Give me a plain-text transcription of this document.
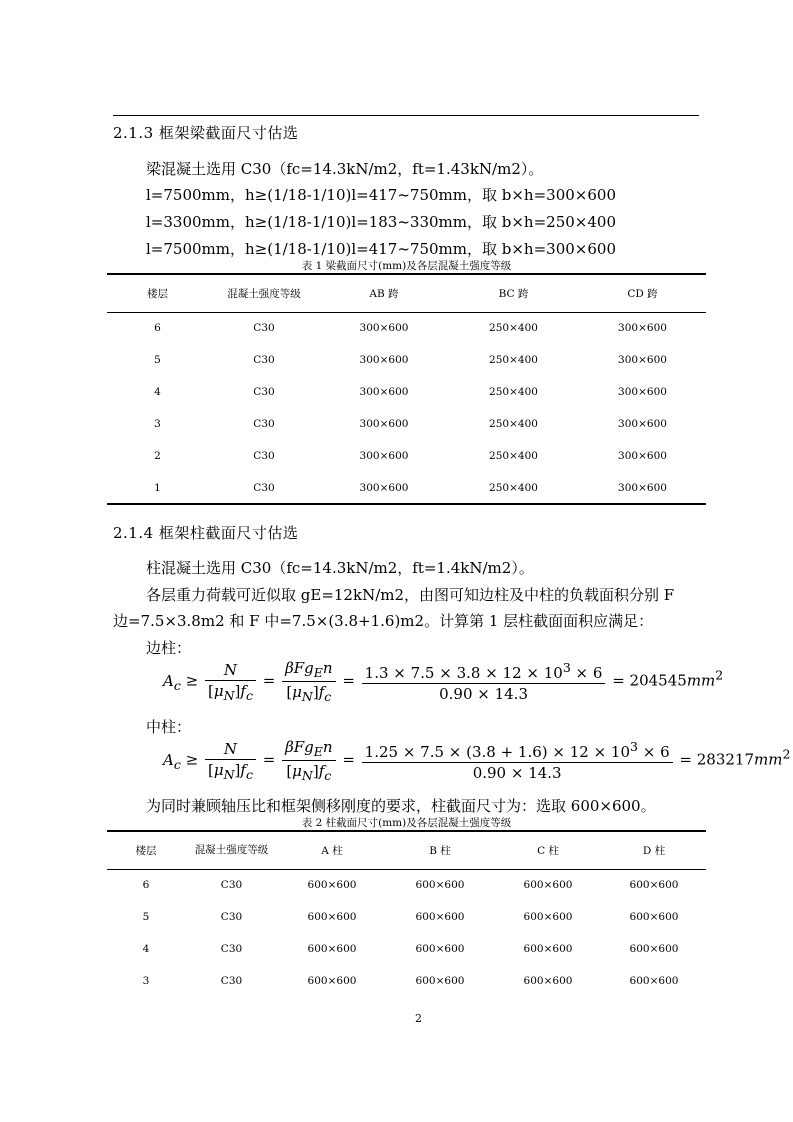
2.1.3 框架梁截面尺寸估选
梁混凝土选用 C30（fc=14.3kN/m2，ft=1.43kN/m2）。
l=7500mm，h≥(1/18-1/10)l=417~750mm，取 b×h=300×600
l=3300mm，h≥(1/18-1/10)l=183~330mm，取 b×h=250×400
l=7500mm，h≥(1/18-1/10)l=417~750mm，取 b×h=300×600
表 1 梁截面尺寸(mm)及各层混凝土强度等级
楼层	混凝土强度等级	AB 跨	BC 跨	CD 跨
6	C30	300×600	250×400	300×600
5	C30	300×600	250×400	300×600
4	C30	300×600	250×400	300×600
3	C30	300×600	250×400	300×600
2	C30	300×600	250×400	300×600
1	C30	300×600	250×400	300×600
2.1.4 框架柱截面尺寸估选
柱混凝土选用 C30（fc=14.3kN/m2，ft=1.4kN/m2）。
各层重力荷载可近似取 gE=12kN/m2，由图可知边柱及中柱的负载面积分别 F
边=7.5×3.8m2 和 F 中=7.5×(3.8+1.6)m2。计算第 1 层柱截面面积应满足：
边柱：
$A_c \ge \frac{N}{[\mu_N]f_c} = \frac{\beta Fg_En}{[\mu_N]f_c} = \frac{1.3 \times 7.5 \times 3.8 \times 12 \times 10^3 \times 6}{0.90 \times 14.3} = 204545mm^2$
中柱：
$A_c \ge \frac{N}{[\mu_N]f_c} = \frac{\beta Fg_En}{[\mu_N]f_c} = \frac{1.25 \times 7.5 \times (3.8 + 1.6) \times 12 \times 10^3 \times 6}{0.90 \times 14.3} = 283217mm^2$
为同时兼顾轴压比和框架侧移刚度的要求，柱截面尺寸为：选取 600×600。
表 2 柱截面尺寸(mm)及各层混凝土强度等级
楼层	混凝土强度等级	A 柱	B 柱	C 柱	D 柱
6	C30	600×600	600×600	600×600	600×600
5	C30	600×600	600×600	600×600	600×600
4	C30	600×600	600×600	600×600	600×600
3	C30	600×600	600×600	600×600	600×600
2
